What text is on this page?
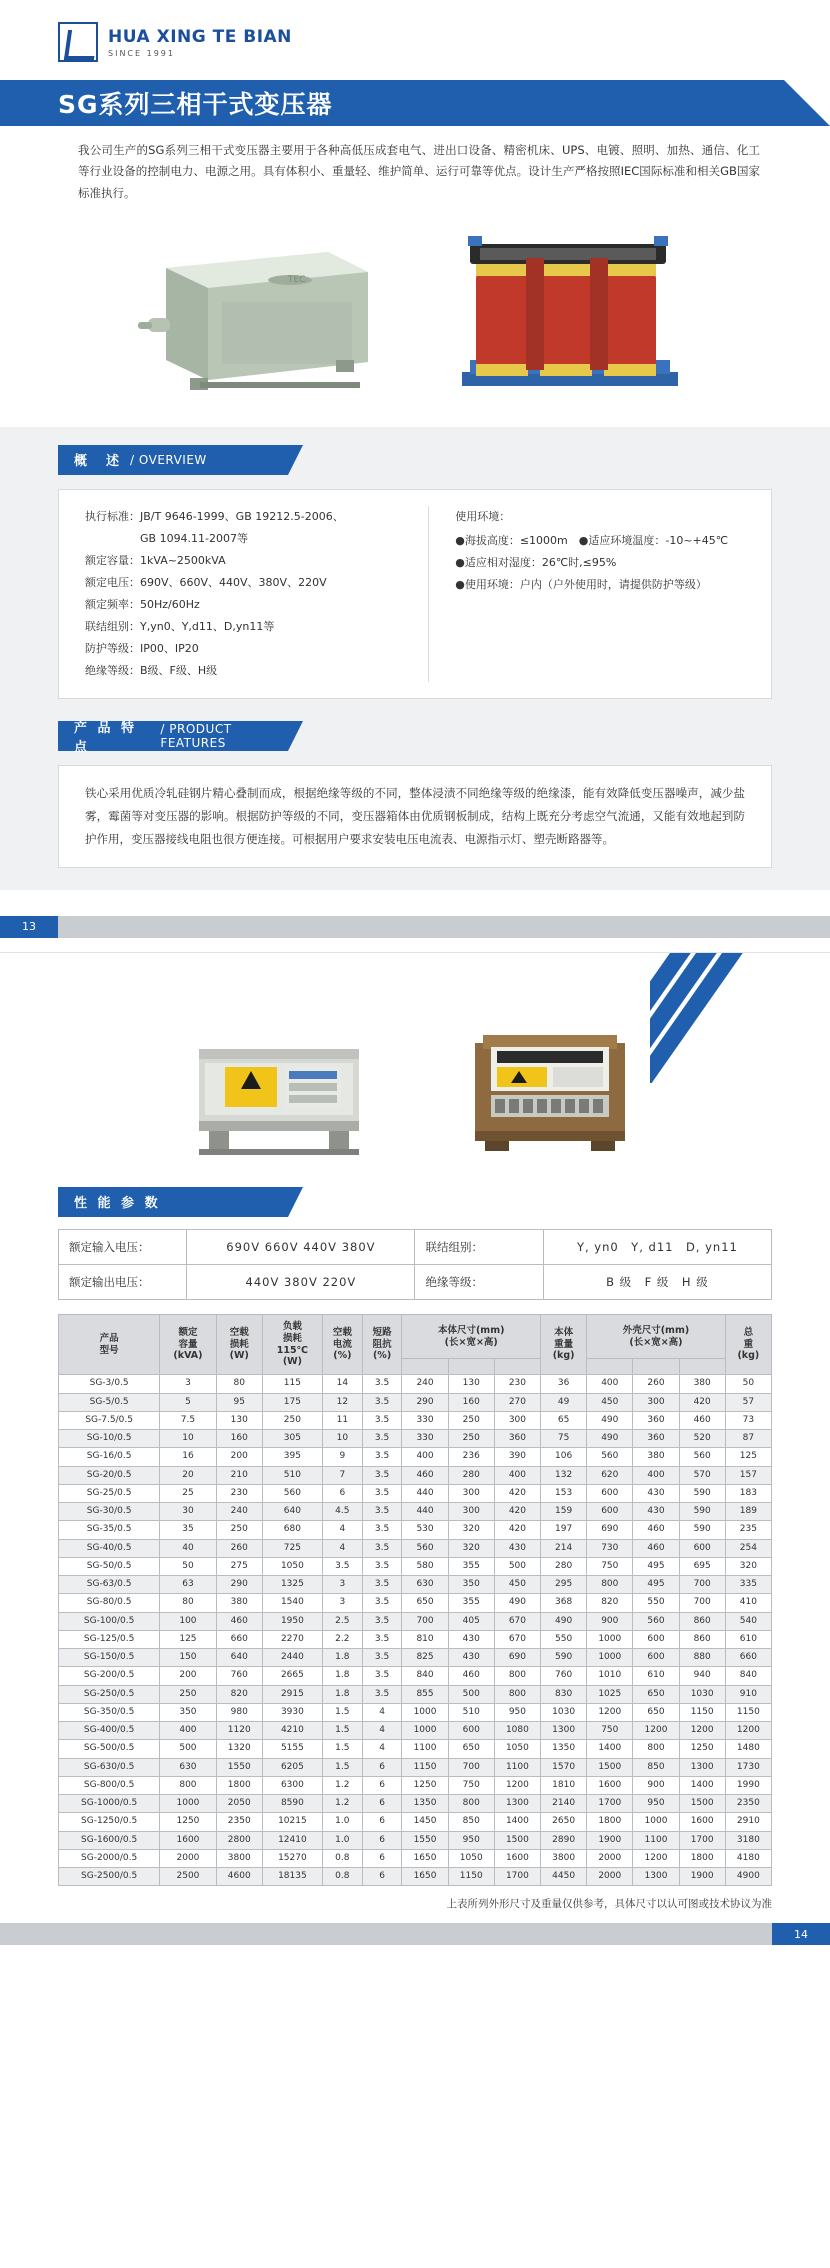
HUA XING TE BIAN
SINCE 1991
SG系列三相干式变压器
我公司生产的SG系列三相干式变压器主要用于各种高低压成套电气、进出口设备、精密机床、UPS、电镀、照明、加热、通信、化工等行业设备的控制电力、电源之用。具有体积小、重量轻、维护简单、运行可靠等优点。设计生产严格按照IEC国际标准和相关GB国家标准执行。
TEC
概　述 / OVERVIEW
执行标准：JB/T 9646-1999、GB 19212.5-2006、
　　　　　GB 1094.11-2007等
额定容量：1kVA~2500kVA
额定电压：690V、660V、440V、380V、220V
额定频率：50Hz/60Hz
联结组别：Y,yn0、Y,d11、D,yn11等
防护等级：IP00、IP20
绝缘等级：B级、F级、H级
使用环境：
●海拔高度：≤1000m　●适应环境温度：-10~+45℃
●适应相对湿度：26℃时,≤95%
●使用环境：户内（户外使用时，请提供防护等级）
产 品 特 点
/ PRODUCT FEATURES
铁心采用优质冷轧硅钢片精心叠制而成，根据绝缘等级的不同，整体浸渍不同绝缘等级的绝缘漆，能有效降低变压器噪声，减少盐雾，霉菌等对变压器的影响。根据防护等级的不同，变压器箱体由优质钢板制成，结构上既充分考虑空气流通，又能有效地起到防护作用，变压器接线电阻也很方便连接。可根据用户要求安装电压电流表、电源指示灯、塑壳断路器等。
13
性 能 参 数
额定输入电压：	690V 660V 440V 380V	联结组别：	Y, yn0　Y, d11　D, yn11
额定输出电压：	440V 380V 220V	绝缘等级：	B 级　F 级　H 级
产品
型号	额定
容量
(kVA)	空载
损耗
(W)	负载
损耗
115℃
(W)	空载
电流
(%)	短路
阻抗
(%)	本体尺寸(mm)
(长×宽×高)			本体
重量
(kg)	外壳尺寸(mm)
(长×宽×高)			总
重
(kg)

SG-3/0.5	3	80	115	14	3.5	240	130	230	36	400	260	380	50
SG-5/0.5	5	95	175	12	3.5	290	160	270	49	450	300	420	57
SG-7.5/0.5	7.5	130	250	11	3.5	330	250	300	65	490	360	460	73
SG-10/0.5	10	160	305	10	3.5	330	250	360	75	490	360	520	87
SG-16/0.5	16	200	395	9	3.5	400	236	390	106	560	380	560	125
SG-20/0.5	20	210	510	7	3.5	460	280	400	132	620	400	570	157
SG-25/0.5	25	230	560	6	3.5	440	300	420	153	600	430	590	183
SG-30/0.5	30	240	640	4.5	3.5	440	300	420	159	600	430	590	189
SG-35/0.5	35	250	680	4	3.5	530	320	420	197	690	460	590	235
SG-40/0.5	40	260	725	4	3.5	560	320	430	214	730	460	600	254
SG-50/0.5	50	275	1050	3.5	3.5	580	355	500	280	750	495	695	320
SG-63/0.5	63	290	1325	3	3.5	630	350	450	295	800	495	700	335
SG-80/0.5	80	380	1540	3	3.5	650	355	490	368	820	550	700	410
SG-100/0.5	100	460	1950	2.5	3.5	700	405	670	490	900	560	860	540
SG-125/0.5	125	660	2270	2.2	3.5	810	430	670	550	1000	600	860	610
SG-150/0.5	150	640	2440	1.8	3.5	825	430	690	590	1000	600	880	660
SG-200/0.5	200	760	2665	1.8	3.5	840	460	800	760	1010	610	940	840
SG-250/0.5	250	820	2915	1.8	3.5	855	500	800	830	1025	650	1030	910
SG-350/0.5	350	980	3930	1.5	4	1000	510	950	1030	1200	650	1150	1150
SG-400/0.5	400	1120	4210	1.5	4	1000	600	1080	1300	750	1200	1200	1200
SG-500/0.5	500	1320	5155	1.5	4	1100	650	1050	1350	1400	800	1250	1480
SG-630/0.5	630	1550	6205	1.5	6	1150	700	1100	1570	1500	850	1300	1730
SG-800/0.5	800	1800	6300	1.2	6	1250	750	1200	1810	1600	900	1400	1990
SG-1000/0.5	1000	2050	8590	1.2	6	1350	800	1300	2140	1700	950	1500	2350
SG-1250/0.5	1250	2350	10215	1.0	6	1450	850	1400	2650	1800	1000	1600	2910
SG-1600/0.5	1600	2800	12410	1.0	6	1550	950	1500	2890	1900	1100	1700	3180
SG-2000/0.5	2000	3800	15270	0.8	6	1650	1050	1600	3800	2000	1200	1800	4180
SG-2500/0.5	2500	4600	18135	0.8	6	1650	1150	1700	4450	2000	1300	1900	4900
上表所列外形尺寸及重量仅供参考，具体尺寸以认可图或技术协议为准
14
